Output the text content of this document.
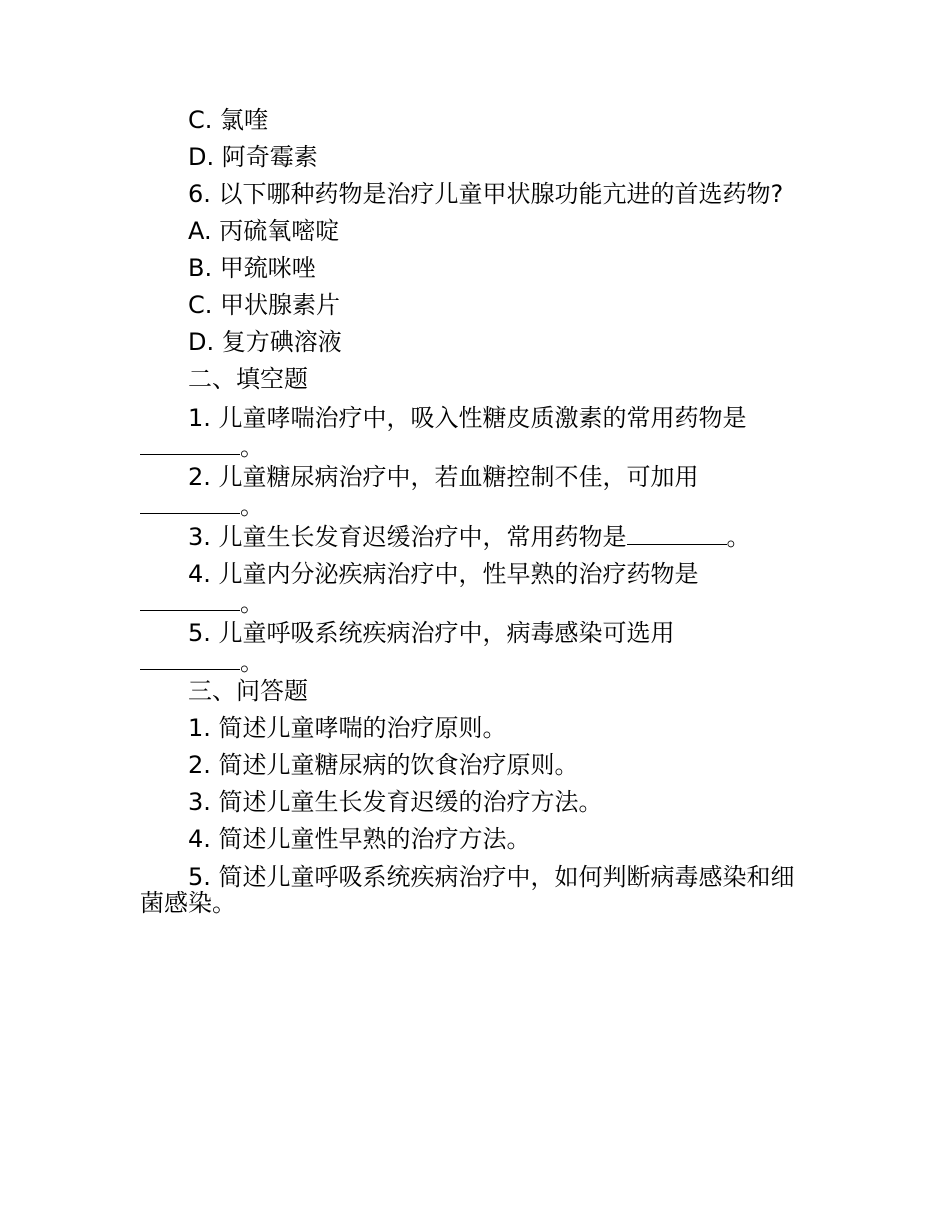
C. 氯喹

D. 阿奇霉素

6. 以下哪种药物是治疗儿童甲状腺功能亢进的首选药物?

A. 丙硫氧嘧啶

B. 甲巯咪唑

C. 甲状腺素片

D. 复方碘溶液

二、填空题

1. 儿童哮喘治疗中，吸入性糖皮质激素的常用药物是
。
2. 儿童糖尿病治疗中，若血糖控制不佳，可加用
。

3. 儿童生长发育迟缓治疗中，常用药物是	。

4. 儿童内分泌疾病治疗中，性早熟的治疗药物是
。
5. 儿童呼吸系统疾病治疗中，病毒感染可选用
。

三、问答题

1. 简述儿童哮喘的治疗原则。

2. 简述儿童糖尿病的饮食治疗原则。

3. 简述儿童生长发育迟缓的治疗方法。

4. 简述儿童性早熟的治疗方法。

5. 简述儿童呼吸系统疾病治疗中，如何判断病毒感染和细
菌感染。
